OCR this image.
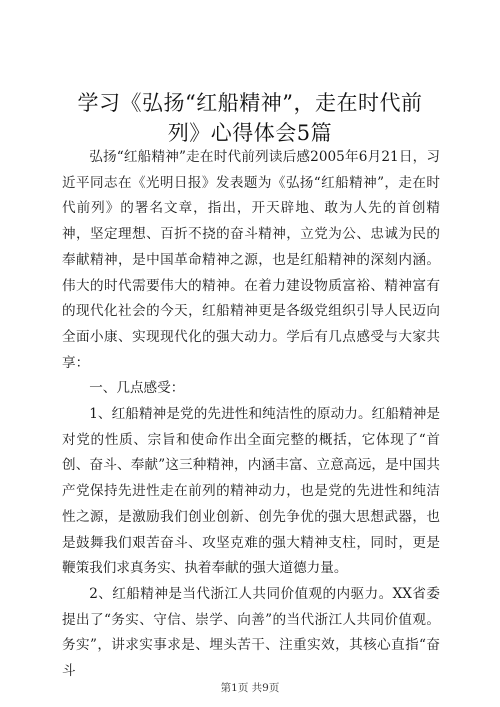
学习《弘扬“红船精神”，走在时代前列》心得体会5篇

弘扬“红船精神”走在时代前列读后感2005年6月21日，习近平同志在《光明日报》发表题为《弘扬“红船精神”，走在时代前列》的署名文章，指出，开天辟地、敢为人先的首创精神，坚定理想、百折不挠的奋斗精神，立党为公、忠诚为民的奉献精神，是中国革命精神之源，也是红船精神的深刻内涵。伟大的时代需要伟大的精神。在着力建设物质富裕、精神富有的现代化社会的今天，红船精神更是各级党组织引导人民迈向全面小康、实现现代化的强大动力。学后有几点感受与大家共享：

一、几点感受：

1、红船精神是党的先进性和纯洁性的原动力。红船精神是对党的性质、宗旨和使命作出全面完整的概括，它体现了“首创、奋斗、奉献”这三种精神，内涵丰富、立意高远，是中国共产党保持先进性走在前列的精神动力，也是党的先进性和纯洁性之源，是激励我们创业创新、创先争优的强大思想武器，也是鼓舞我们艰苦奋斗、攻坚克难的强大精神支柱，同时，更是鞭策我们求真务实、执着奉献的强大道德力量。

2、红船精神是当代浙江人共同价值观的内驱力。XX省委提出了“务实、守信、崇学、向善”的当代浙江人共同价值观。务实”，讲求实事求是、埋头苦干、注重实效，其核心直指“奋斗

第1页 共9页
